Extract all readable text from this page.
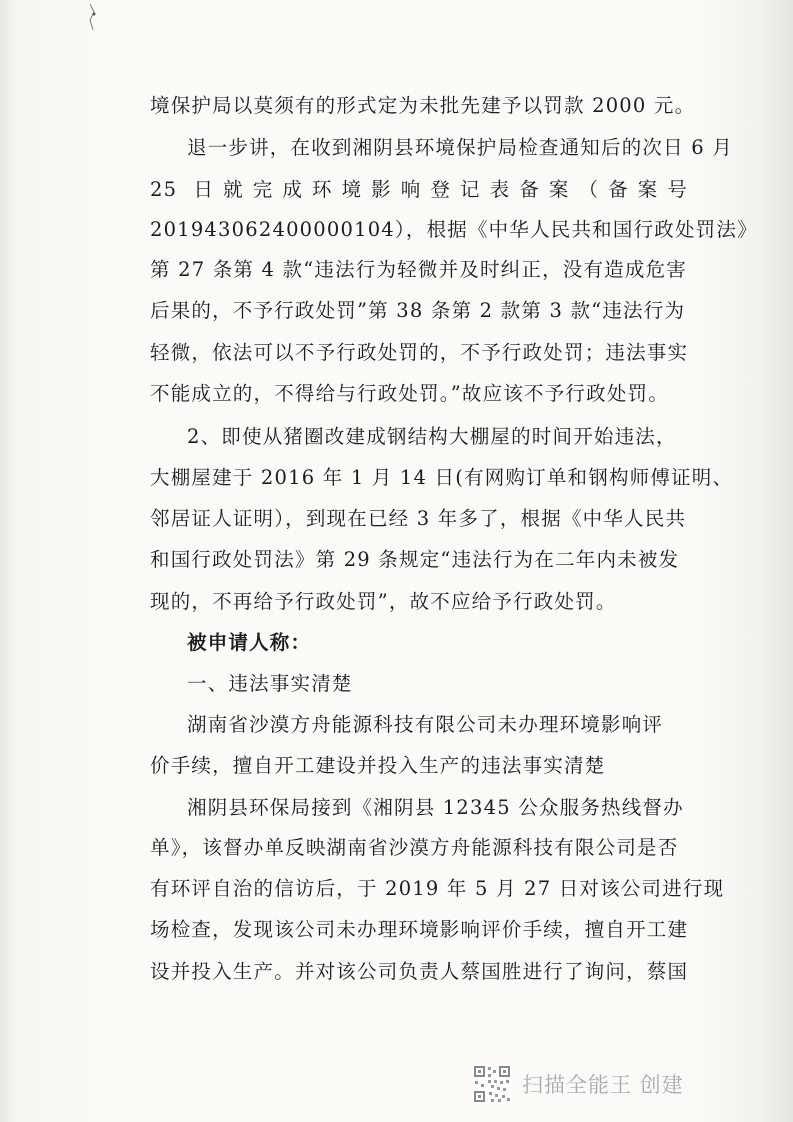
境保护局以莫须有的形式定为未批先建予以罚款 2000 元。
退一步讲，在收到湘阴县环境保护局检查通知后的次日 6 月
25 日就完成环境影响登记表备案（备案号
201943062400000104），根据《中华人民共和国行政处罚法》
第 27 条第 4 款“违法行为轻微并及时纠正，没有造成危害
后果的，不予行政处罚”第 38 条第 2 款第 3 款“违法行为
轻微，依法可以不予行政处罚的，不予行政处罚；违法事实
不能成立的，不得给与行政处罚。”故应该不予行政处罚。
2、即使从猪圈改建成钢结构大棚屋的时间开始违法，
大棚屋建于 2016 年 1 月 14 日(有网购订单和钢构师傅证明、
邻居证人证明），到现在已经 3 年多了，根据《中华人民共
和国行政处罚法》第 29 条规定“违法行为在二年内未被发
现的，不再给予行政处罚”，故不应给予行政处罚。
被申请人称：
一、违法事实清楚
湖南省沙漠方舟能源科技有限公司未办理环境影响评
价手续，擅自开工建设并投入生产的违法事实清楚
湘阴县环保局接到《湘阴县 12345 公众服务热线督办
单》，该督办单反映湖南省沙漠方舟能源科技有限公司是否
有环评自治的信访后，于 2019 年 5 月 27 日对该公司进行现
场检查，发现该公司未办理环境影响评价手续，擅自开工建
设并投入生产。并对该公司负责人蔡国胜进行了询问，蔡国
扫描全能王 创建
